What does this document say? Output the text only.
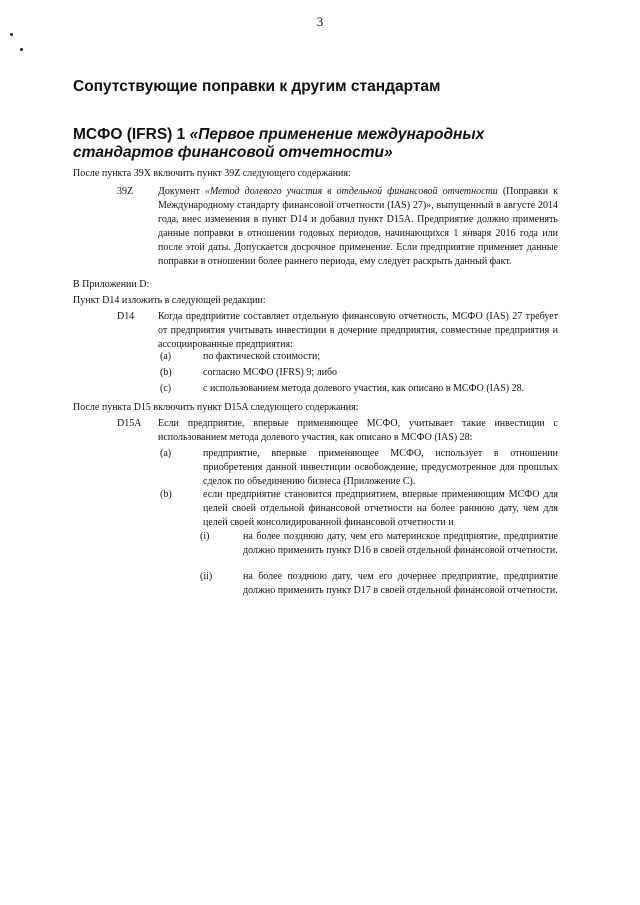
3
Сопутствующие поправки к другим стандартам
МСФО (IFRS) 1 «Первое применение международных стандартов финансовой отчетности»
После пункта 39Х включить пункт 39Z следующего содержания:
39Z	Документ «Метод долевого участия в отдельной финансовой отчетности (Поправки к Международному стандарту финансовой отчетности (IAS) 27)», выпущенный в августе 2014 года, внес изменения в пункт D14 и добавил пункт D15A. Предприятие должно применять данные поправки в отношении годовых периодов, начинающихся 1 января 2016 года или после этой даты. Допускается досрочное применение. Если предприятие применяет данные поправки в отношении более раннего периода, ему следует раскрыть данный факт.
В Приложении D:
Пункт D14 изложить в следующей редакции:
D14	Когда предприятие составляет отдельную финансовую отчетность, МСФО (IAS) 27 требует от предприятия учитывать инвестиции в дочерние предприятия, совместные предприятия и ассоциированные предприятия:
(a)	по фактической стоимости;
(b)	согласно МСФО (IFRS) 9; либо
(c)	с использованием метода долевого участия, как описано в МСФО (IAS) 28.
После пункта D15 включить пункт D15A следующего содержания:
D15A	Если предприятие, впервые применяющее МСФО, учитывает такие инвестиции с использованием метода долевого участия, как описано в МСФО (IAS) 28:
(a)	предприятие, впервые применяющее МСФО, использует в отношении приобретения данной инвестиции освобождение, предусмотренное для прошлых сделок по объединению бизнеса (Приложение С).
(b)	если предприятие становится предприятием, впервые применяющим МСФО для целей своей отдельной финансовой отчетности на более раннюю дату, чем для целей своей консолидированной финансовой отчетности и
(i)	на более позднюю дату, чем его материнское предприятие, предприятие должно применить пункт D16 в своей отдельной финансовой отчетности.
(ii)	на более позднюю дату, чем его дочернее предприятие, предприятие должно применить пункт D17 в своей отдельной финансовой отчетности.
